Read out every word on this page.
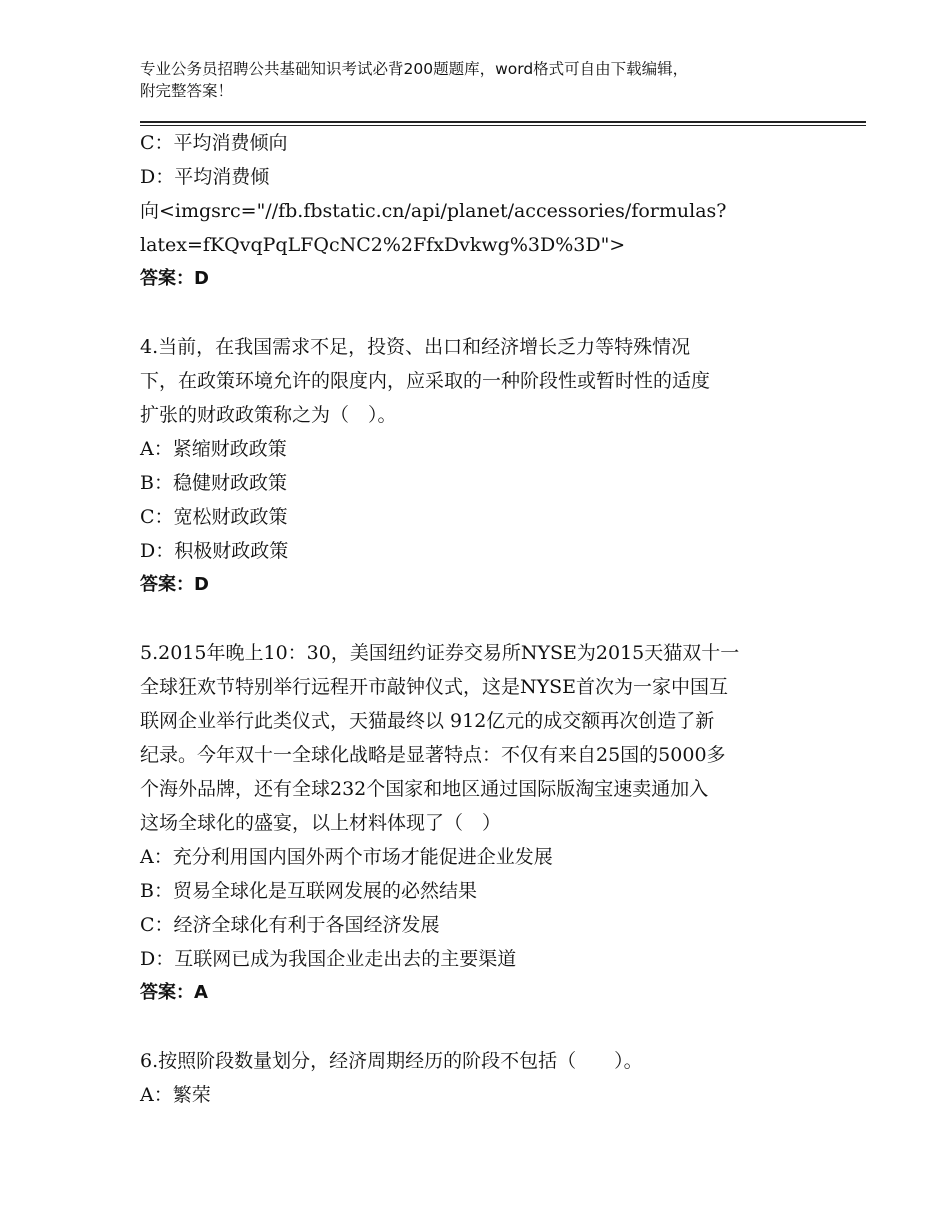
专业公务员招聘公共基础知识考试必背200题题库，word格式可自由下载编辑，
附完整答案！
C：平均消费倾向
D：平均消费倾
向<imgsrc="//fb.fbstatic.cn/api/planet/accessories/formulas?
latex=fKQvqPqLFQcNC2%2FfxDvkwg%3D%3D">
答案：D
4.当前，在我国需求不足，投资、出口和经济增长乏力等特殊情况
下，在政策环境允许的限度内，应采取的一种阶段性或暂时性的适度
扩张的财政政策称之为（　）。
A：紧缩财政政策
B：稳健财政政策
C：宽松财政政策
D：积极财政政策
答案：D
5.2015年晚上10：30，美国纽约证券交易所NYSE为2015天猫双十一
全球狂欢节特别举行远程开市敲钟仪式，这是NYSE首次为一家中国互
联网企业举行此类仪式，天猫最终以 912亿元的成交额再次创造了新
纪录。今年双十一全球化战略是显著特点：不仅有来自25国的5000多
个海外品牌，还有全球232个国家和地区通过国际版淘宝速卖通加入
这场全球化的盛宴，以上材料体现了（　）
A：充分利用国内国外两个市场才能促进企业发展
B：贸易全球化是互联网发展的必然结果
C：经济全球化有利于各国经济发展
D：互联网已成为我国企业走出去的主要渠道
答案：A
6.按照阶段数量划分，经济周期经历的阶段不包括（　　）。
A：繁荣
